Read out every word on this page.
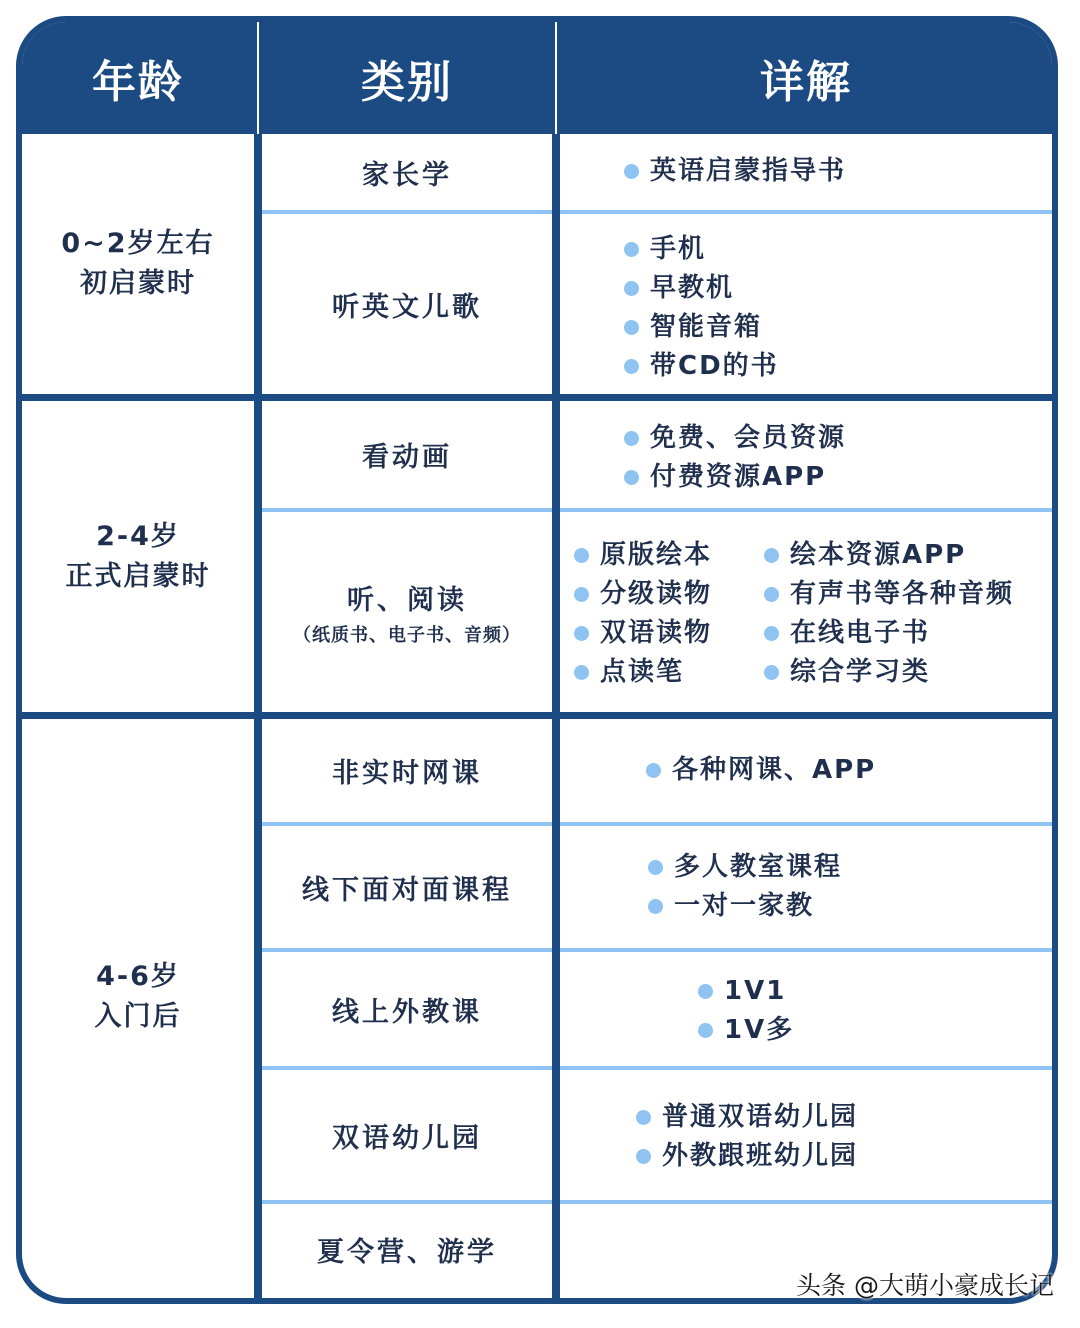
年龄	类别	详解
0~2岁左右
初启蒙时
2-4岁
正式启蒙时
4-6岁
入门后
家长学
听英文儿歌
看动画
听、阅读
（纸质书、电子书、音频）
非实时网课
线下面对面课程
线上外教课
双语幼儿园
夏令营、游学
英语启蒙指导书
手机
早教机
智能音箱
带CD的书
免费、会员资源
付费资源APP
原版绘本
分级读物
双语读物
点读笔
绘本资源APP
有声书等各种音频
在线电子书
综合学习类
各种网课、APP
多人教室课程
一对一家教
1V1
1V多
普通双语幼儿园
外教跟班幼儿园
头条 @大萌小豪成长记
